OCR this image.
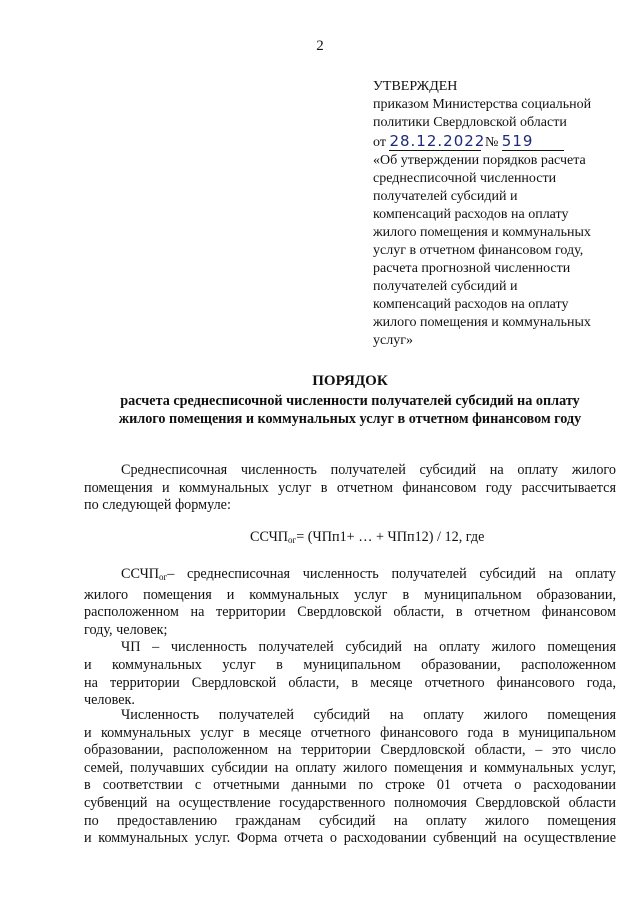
2
УТВЕРЖДЕН
приказом Министерства социальной
политики Свердловской области
от 28.12.2022 № 519
«Об утверждении порядков расчета
среднесписочной численности
получателей субсидий и
компенсаций расходов на оплату
жилого помещения и коммунальных
услуг в отчетном финансовом году,
расчета прогнозной численности
получателей субсидий и
компенсаций расходов на оплату
жилого помещения и коммунальных
услуг»
ПОРЯДОК
расчета среднесписочной численности получателей субсидий на оплату
жилого помещения и коммунальных услуг в отчетном финансовом году
Среднесписочная численность получателей субсидий на оплату жилого
помещения и коммунальных услуг в отчетном финансовом году рассчитывается
по следующей формуле:
$ССЧП_{ог}= (ЧПп1+$ … + ЧПп12) / 12, где
$ССЧП_{ог}-$ среднесписочная численность получателей субсидий на оплату
жилого помещения и коммунальных услуг в муниципальном образовании,
расположенном на территории Свердловской области, в отчетном финансовом
году, человек;
ЧП – численность получателей субсидий на оплату жилого помещения
и коммунальных услуг в муниципальном образовании, расположенном
на территории Свердловской области, в месяце отчетного финансового года,
человек.
Численность получателей субсидий на оплату жилого помещения
и коммунальных услуг в месяце отчетного финансового года в муниципальном
образовании, расположенном на территории Свердловской области, – это число
семей, получавших субсидии на оплату жилого помещения и коммунальных услуг,
в соответствии с отчетными данными по строке 01 отчета о расходовании
субвенций на осуществление государственного полномочия Свердловской области
по предоставлению гражданам субсидий на оплату жилого помещения
и коммунальных услуг. Форма отчета о расходовании субвенций на осуществление
